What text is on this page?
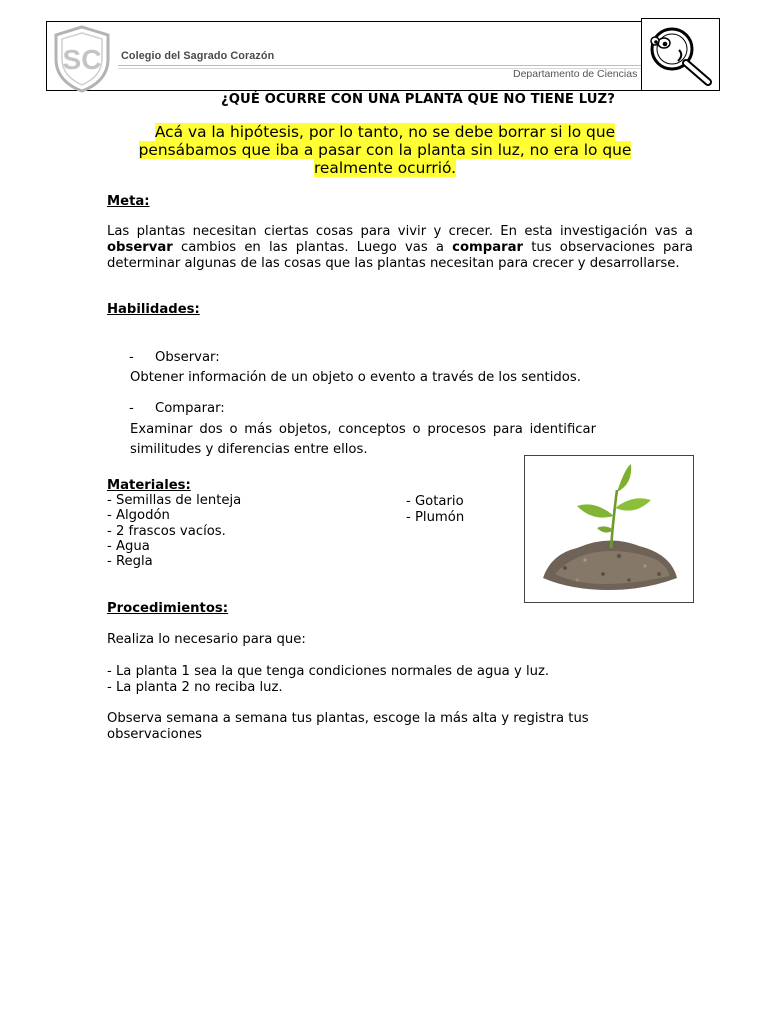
SC Colegio del Sagrado Corazón
Departamento de Ciencias
¿QUÉ OCURRE CON UNA PLANTA QUE NO TIENE LUZ?
Acá va la hipótesis, por lo tanto, no se debe borrar si lo que pensábamos que iba a pasar con la planta sin luz, no era lo que realmente ocurrió.
Meta:
Las plantas necesitan ciertas cosas para vivir y crecer. En esta investigación vas a observar cambios en las plantas. Luego vas a comparar tus observaciones para determinar algunas de las cosas que las plantas necesitan para crecer y desarrollarse.
Habilidades:
- Observar:
Obtener información de un objeto o evento a través de los sentidos.
- Comparar:
Examinar dos o más objetos, conceptos o procesos para identificar similitudes y diferencias entre ellos.
Materiales:
- Semillas de lenteja
- Algodón
- 2 frascos vacíos.
- Agua
- Regla
- Gotario
- Plumón
Procedimientos:
Realiza lo necesario para que:
- La planta 1 sea la que tenga condiciones normales de agua y luz.
- La planta 2 no reciba luz.
Observa semana a semana tus plantas, escoge la más alta y registra tus observaciones
